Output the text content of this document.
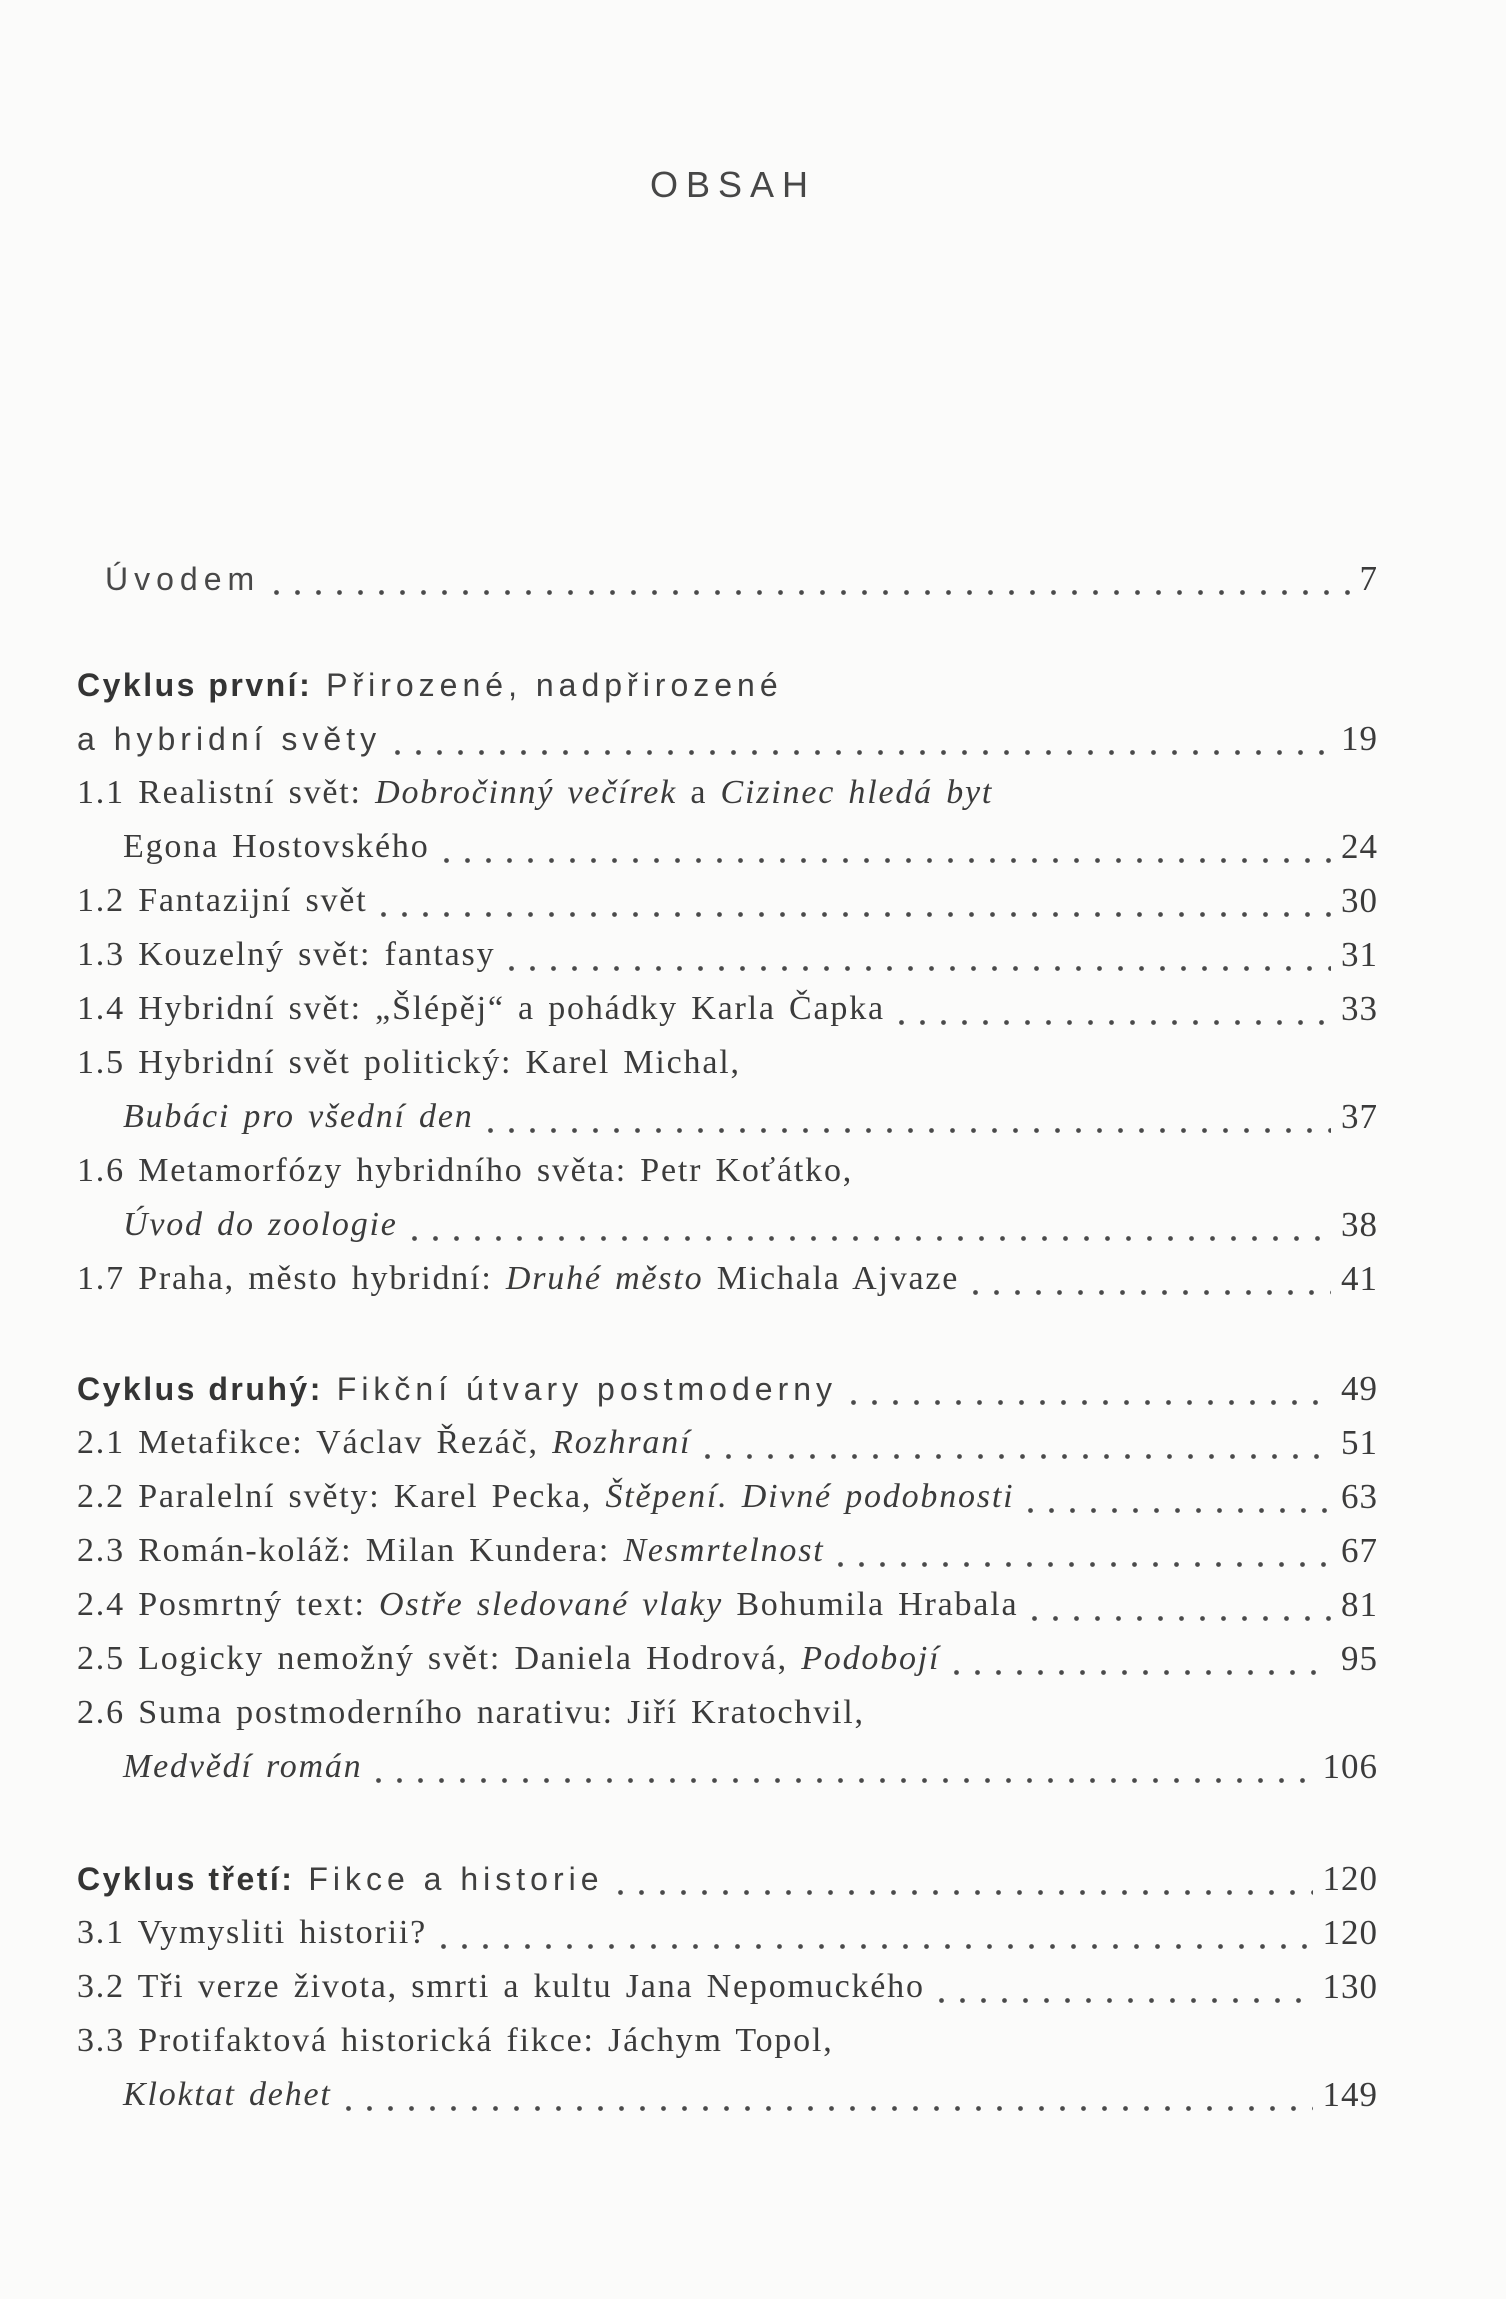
OBSAH
Úvodem	7
Cyklus první: Přirozené, nadpřirozené
a hybridní světy	19
1.1 Realistní svět: Dobročinný večírek a Cizinec hledá byt
Egona Hostovského	24
1.2 Fantazijní svět	30
1.3 Kouzelný svět: fantasy	31
1.4 Hybridní svět: „Šlépěj“ a pohádky Karla Čapka	33
1.5 Hybridní svět politický: Karel Michal,
Bubáci pro všední den	37
1.6 Metamorfózy hybridního světa: Petr Koťátko,
Úvod do zoologie	38
1.7 Praha, město hybridní: Druhé město Michala Ajvaze	41
Cyklus druhý: Fikční útvary postmoderny	49
2.1 Metafikce: Václav Řezáč, Rozhraní	51
2.2 Paralelní světy: Karel Pecka, Štěpení. Divné podobnosti	63
2.3 Román-koláž: Milan Kundera: Nesmrtelnost	67
2.4 Posmrtný text: Ostře sledované vlaky Bohumila Hrabala	81
2.5 Logicky nemožný svět: Daniela Hodrová, Podobojí	95
2.6 Suma postmoderního narativu: Jiří Kratochvil,
Medvědí román	106
Cyklus třetí: Fikce a historie	120
3.1 Vymysliti historii?	120
3.2 Tři verze života, smrti a kultu Jana Nepomuckého	130
3.3 Protifaktová historická fikce: Jáchym Topol,
Kloktat dehet	149
